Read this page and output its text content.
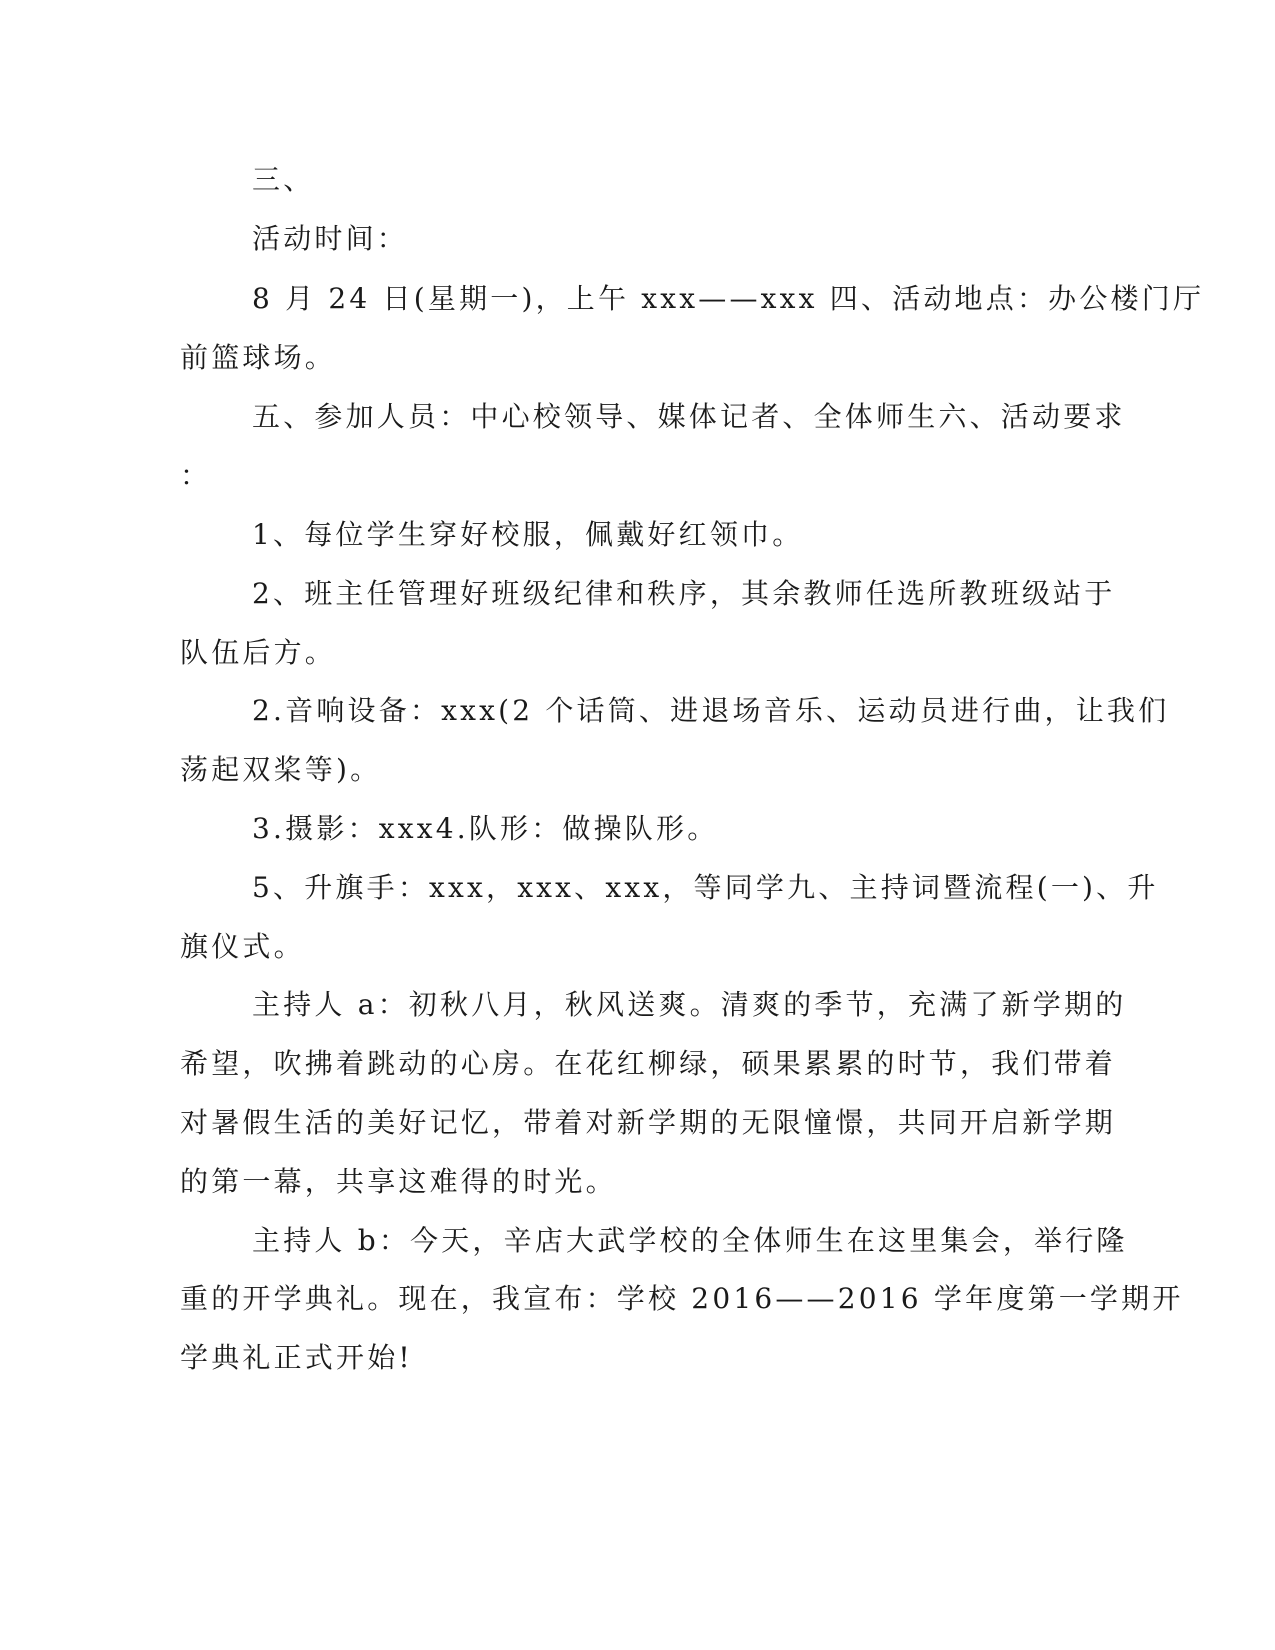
三、
活动时间：
8 月 24 日(星期一)，上午 xxx——xxx 四、活动地点：办公楼门厅
前篮球场。
五、参加人员：中心校领导、媒体记者、全体师生六、活动要求
：
1、每位学生穿好校服，佩戴好红领巾。
2、班主任管理好班级纪律和秩序，其余教师任选所教班级站于
队伍后方。
2.音响设备：xxx(2 个话筒、进退场音乐、运动员进行曲，让我们
荡起双桨等)。
3.摄影：xxx4.队形：做操队形。
5、升旗手：xxx，xxx、xxx，等同学九、主持词暨流程(一)、升
旗仪式。
主持人 a：初秋八月，秋风送爽。清爽的季节，充满了新学期的
希望，吹拂着跳动的心房。在花红柳绿，硕果累累的时节，我们带着
对暑假生活的美好记忆，带着对新学期的无限憧憬，共同开启新学期
的第一幕，共享这难得的时光。
主持人 b：今天，辛店大武学校的全体师生在这里集会，举行隆
重的开学典礼。现在，我宣布：学校 2016——2016 学年度第一学期开
学典礼正式开始!
